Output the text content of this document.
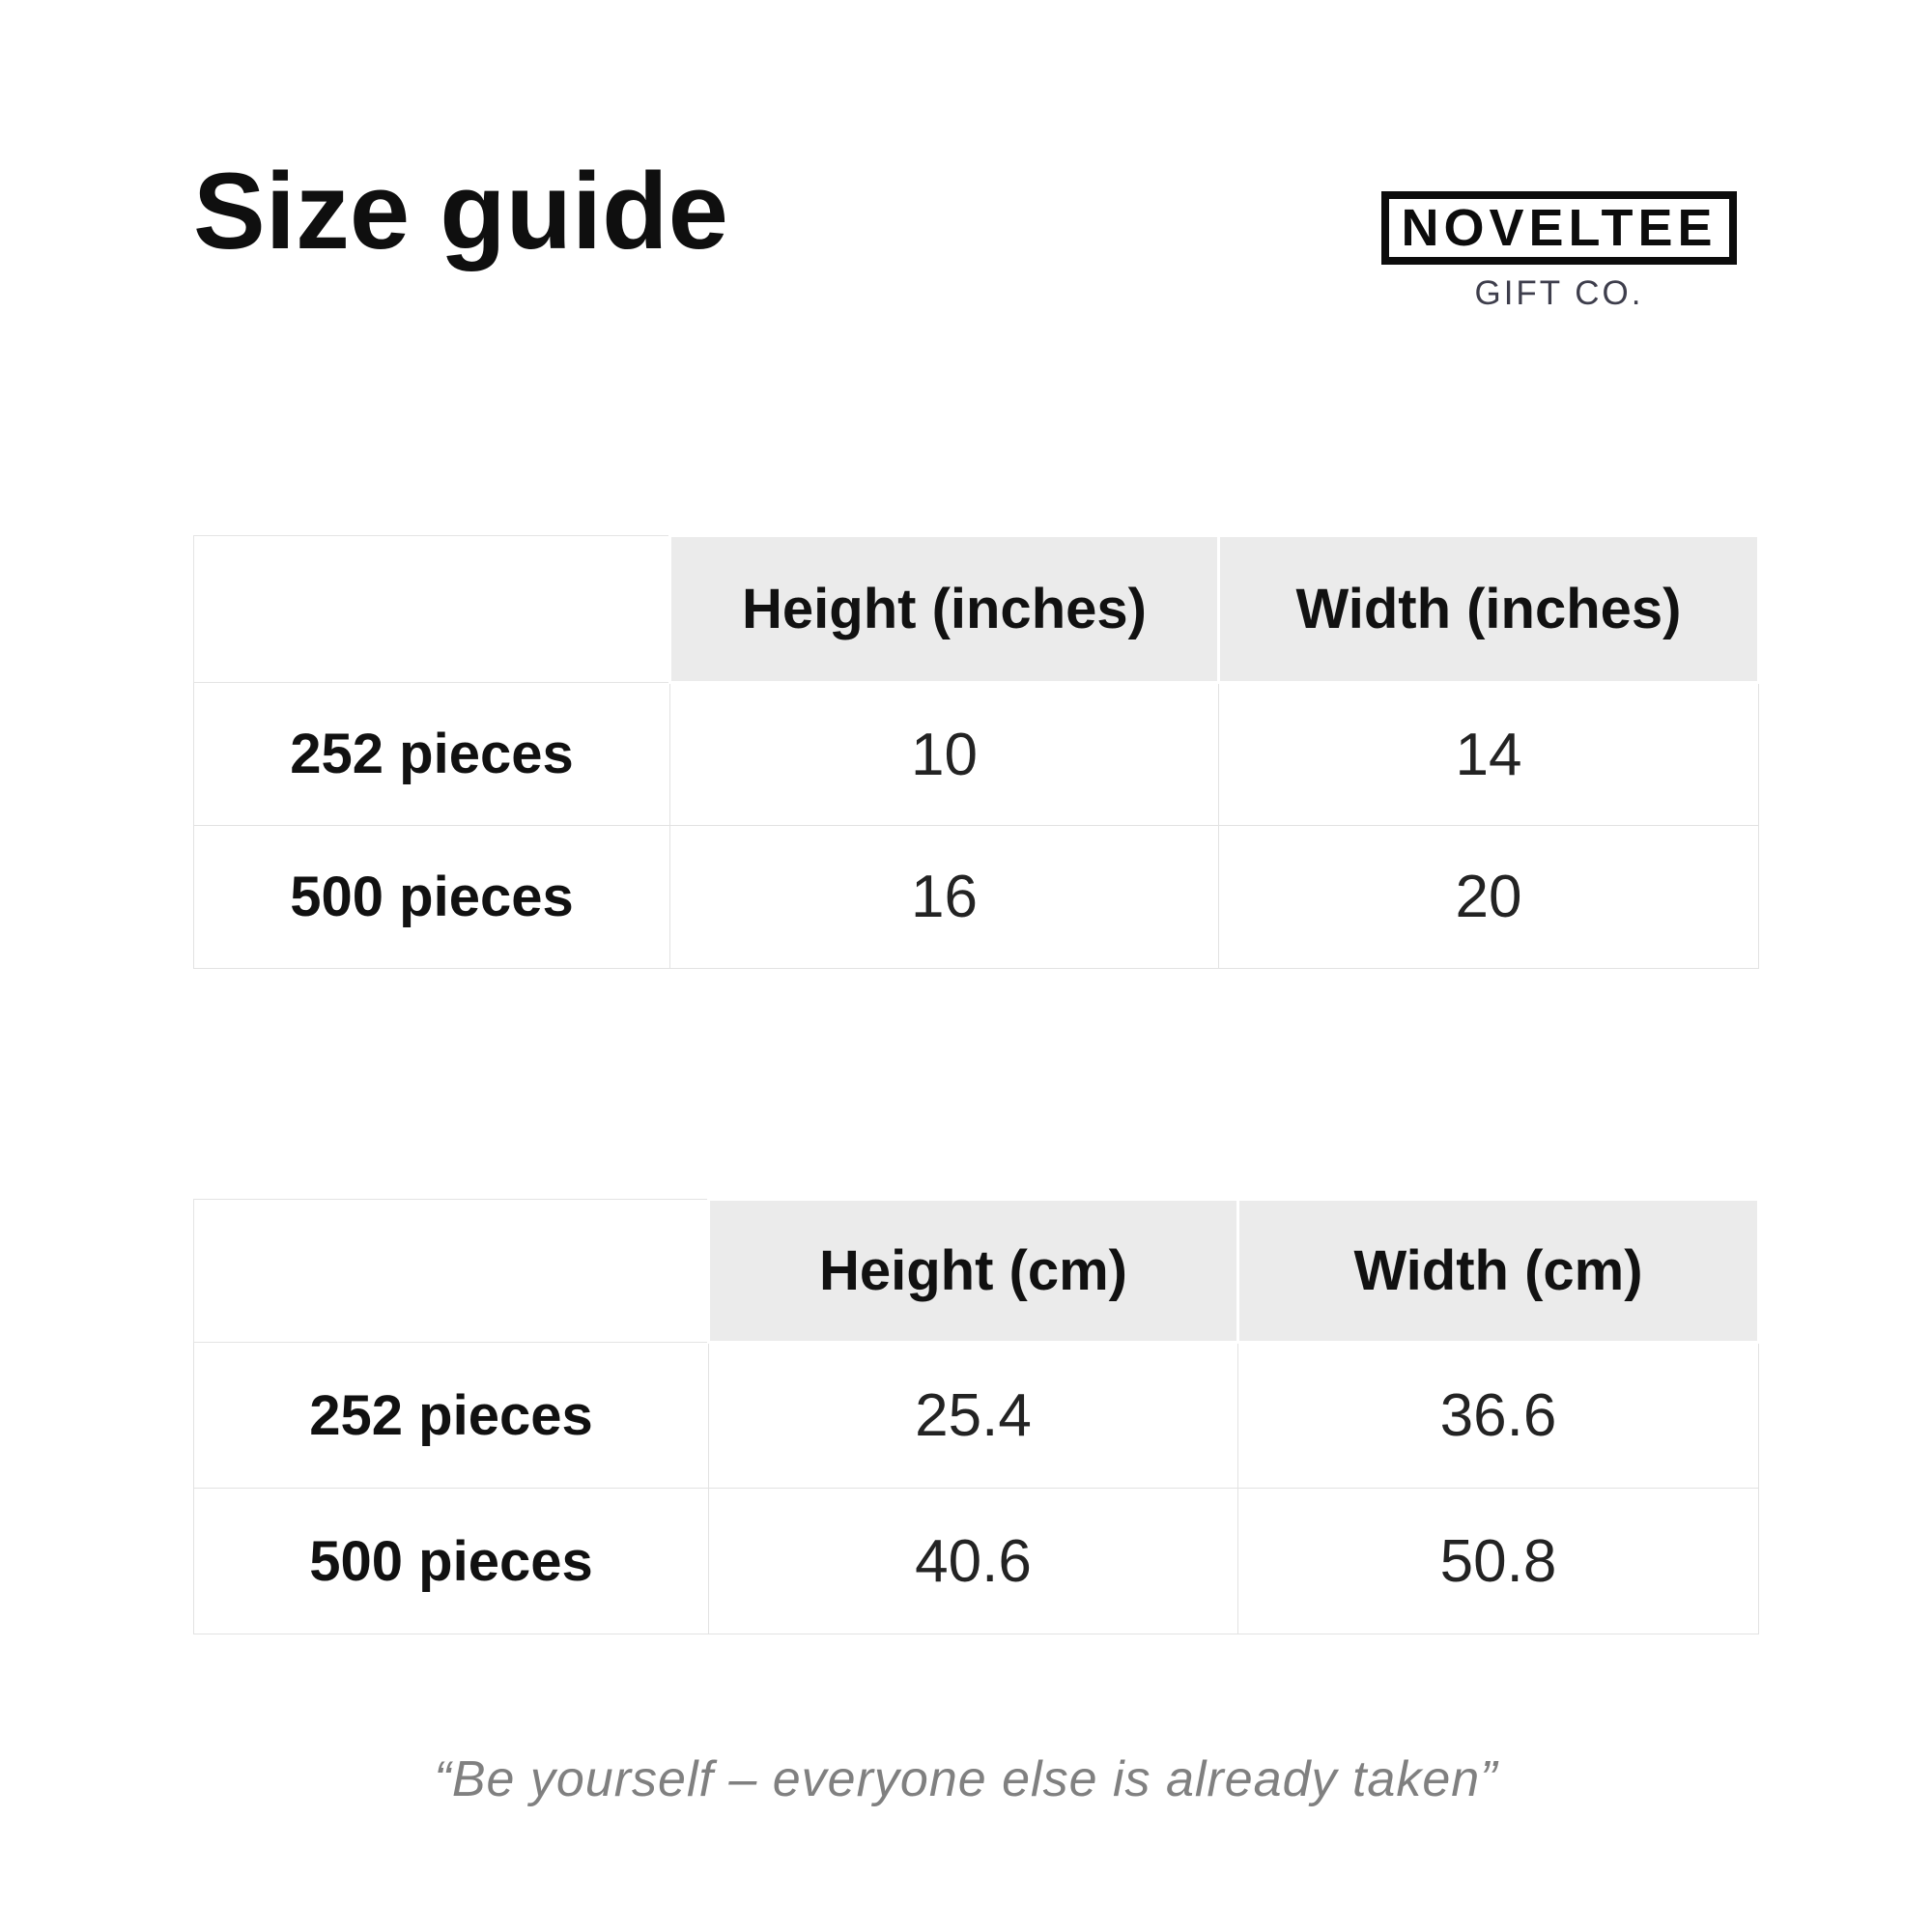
Size guide	NOVELTEE
GIFT CO.
	Height (inches)	Width (inches)
252 pieces	10	14
500 pieces	16	20
	Height (cm)	Width (cm)
252 pieces	25.4	36.6
500 pieces	40.6	50.8
“Be yourself – everyone else is already taken”
